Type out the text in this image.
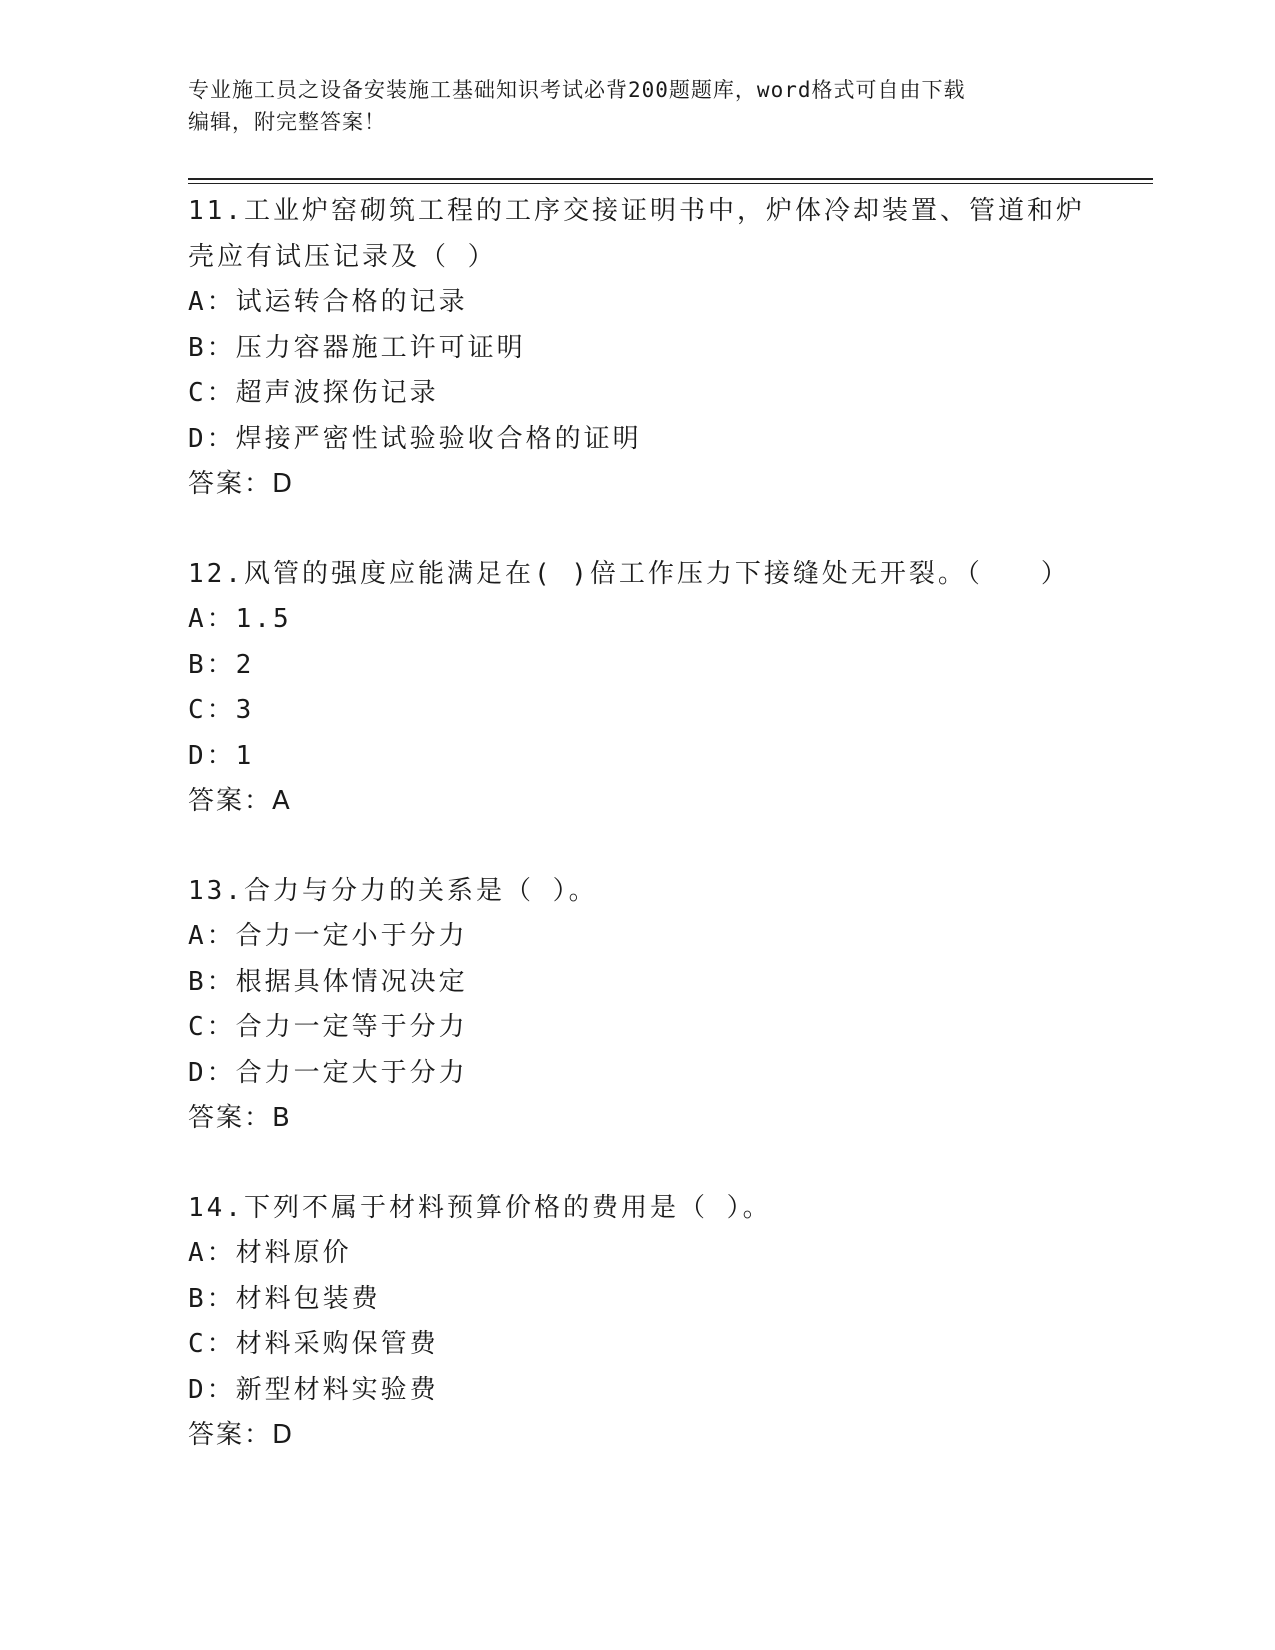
专业施工员之设备安装施工基础知识考试必背200题题库，word格式可自由下载
编辑，附完整答案！
11.工业炉窑砌筑工程的工序交接证明书中，炉体冷却装置、管道和炉壳应有试压记录及（ ）
A：试运转合格的记录
B：压力容器施工许可证明
C：超声波探伤记录
D：焊接严密性试验验收合格的证明
答案：D
12.风管的强度应能满足在( )倍工作压力下接缝处无开裂。（　　）
A：1.5
B：2
C：3
D：1
答案：A
13.合力与分力的关系是（ ）。
A：合力一定小于分力
B：根据具体情况决定
C：合力一定等于分力
D：合力一定大于分力
答案：B
14.下列不属于材料预算价格的费用是（ ）。
A：材料原价
B：材料包装费
C：材料采购保管费
D：新型材料实验费
答案：D
